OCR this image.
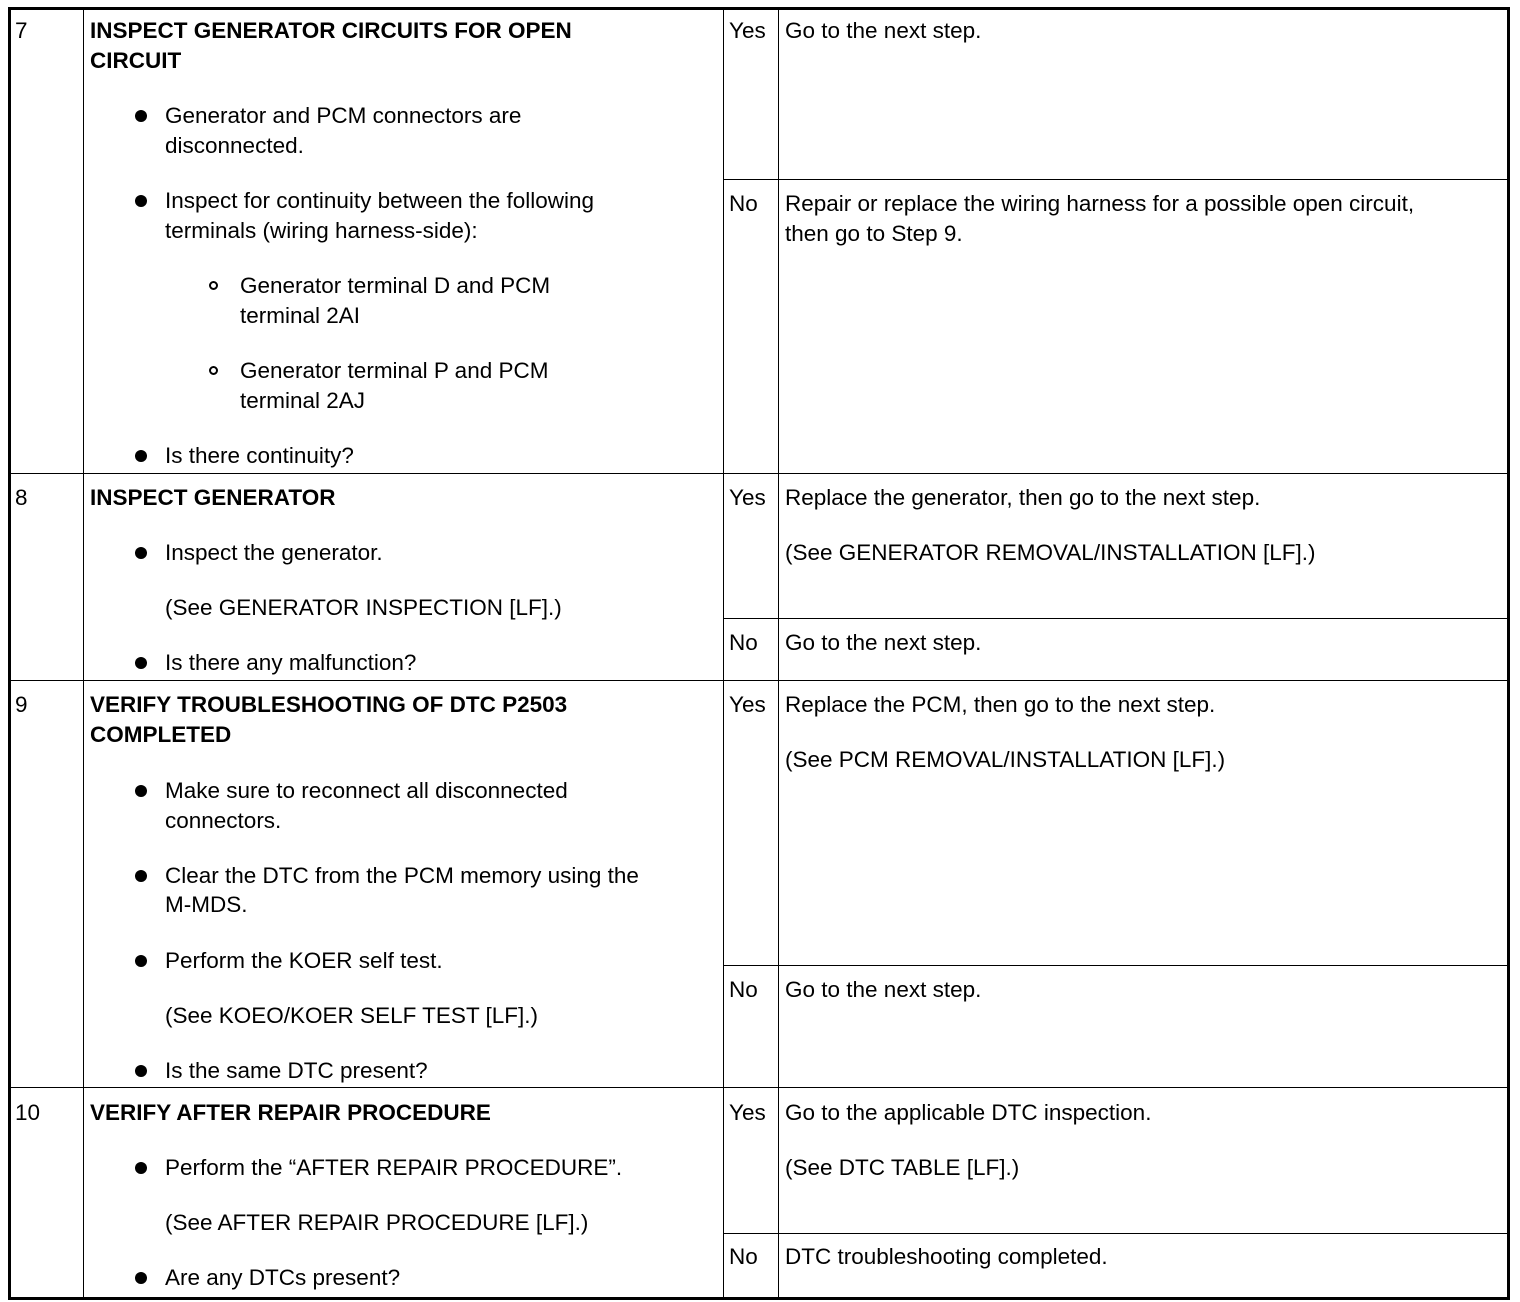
7	INSPECT GENERATOR CIRCUITS FOR OPEN
CIRCUIT
Generator and PCM connectors are
disconnected.
Inspect for continuity between the following
terminals (wiring harness-side):
Generator terminal D and PCM
terminal 2AI
Generator terminal P and PCM
terminal 2AJ
Is there continuity?
Yes Go to the next step.
No Repair or replace the wiring harness for a possible open circuit,
then go to Step 9.
8	INSPECT GENERATOR
Inspect the generator.
(See GENERATOR INSPECTION [LF].)
Is there any malfunction?
Yes Replace the generator, then go to the next step.
(See GENERATOR REMOVAL/INSTALLATION [LF].)
No Go to the next step.
9	VERIFY TROUBLESHOOTING OF DTC P2503
COMPLETED
Make sure to reconnect all disconnected
connectors.
Clear the DTC from the PCM memory using the
M-MDS.
Perform the KOER self test.
(See KOEO/KOER SELF TEST [LF].)
Is the same DTC present?
Yes Replace the PCM, then go to the next step.
(See PCM REMOVAL/INSTALLATION [LF].)
No Go to the next step.
10 VERIFY AFTER REPAIR PROCEDURE
Perform the “AFTER REPAIR PROCEDURE”.
(See AFTER REPAIR PROCEDURE [LF].)
Are any DTCs present?
Yes Go to the applicable DTC inspection.
(See DTC TABLE [LF].)
No DTC troubleshooting completed.
